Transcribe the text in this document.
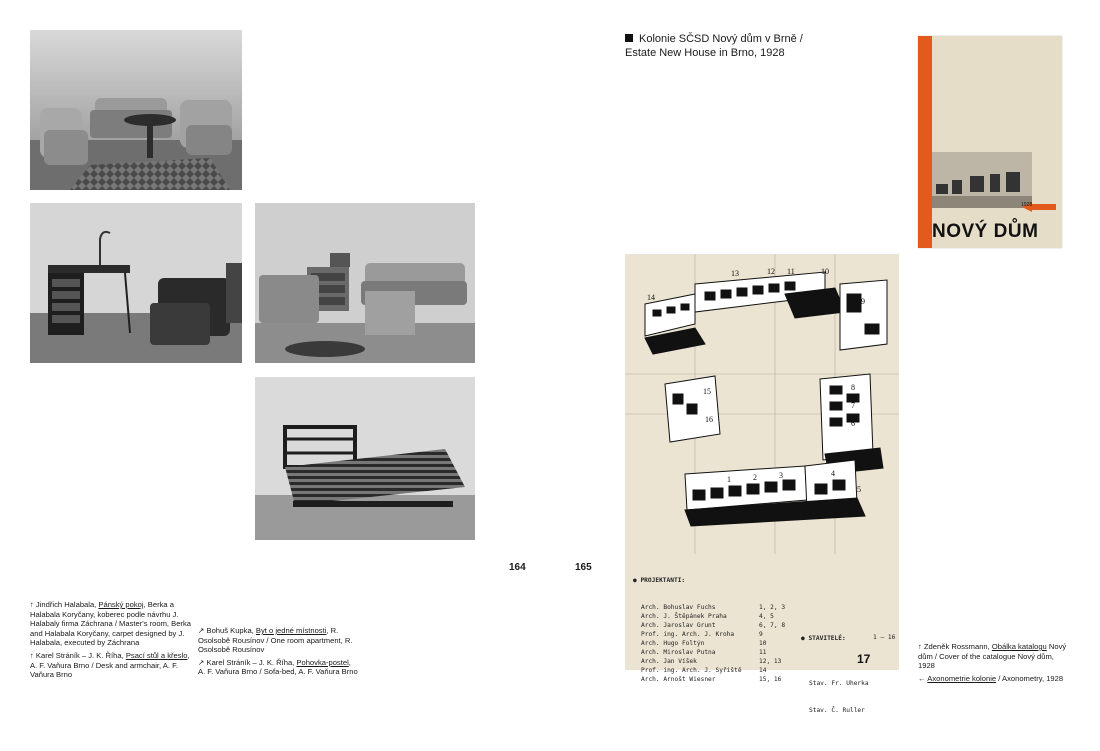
164	165

↑ Jindřich Halabala, Pánský pokoj, Berka a Halabala Koryčany, koberec podle návrhu J. Halabaly firma Záchrana / Master's room, Berka and Halabala Koryčany, carpet designed by J. Halabala, executed by Záchrana

↑ Karel Stráník – J. K. Říha, Psací stůl a křeslo, A. F. Vaňura Brno / Desk and armchair, A. F. Vaňura Brno

↗ Bohuš Kupka, Byt o jedné místnosti, R. Osolsobě Rousínov / One room apartment, R. Osolsobě Rousínov

↗ Karel Stráník – J. K. Říha, Pohovka-postel, A. F. Vaňura Brno / Sofa-bed, A. F. Vaňura Brno

↑ Zdeněk Rossmann, Obálka katalogu Nový dům / Cover of the catalogue Nový dům, 1928

← Axonometrie kolonie / Axonometry, 1928

Kolonie SČSD Nový dům v Brně /
Estate New House in Brno, 1928
14
13	12 11	10
9
15
16
8
7
6
1	2	3	4
5

● PROJEKTANTI:

Arch. Bohuslav Fuchs	1, 2, 3
Arch. J. Štěpánek Praha	4, 5
Arch. Jaroslav Grunt	6, 7, 8
Prof. ing. Arch. J. Kroha	9
Arch. Hugo Foltýn	10
Arch. Miroslav Putna	11
Arch. Jan Víšek	12, 13
Prof. ing. Arch. J. Syřiště	14
Arch. Arnošt Wiesner	15, 16

● STAVITELÉ:

Stav. Fr. Uherka

Stav. Č. Ruller

1 – 16
17
1928
NOVÝ DŮM
